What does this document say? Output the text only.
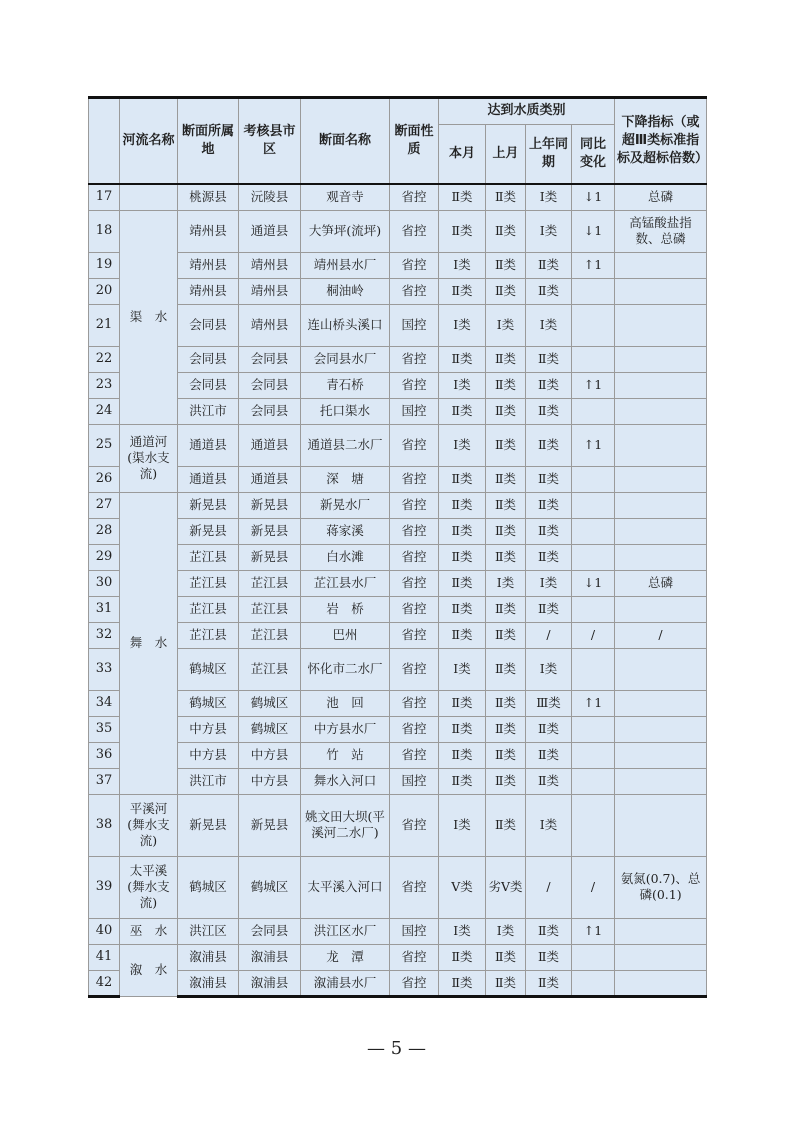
	河流名称	断面所属地	考核县市区	断面名称	断面性质	达到水质类别				下降指标（或超Ⅲ类标准指标及超标倍数）
						本月	上月	上年同期	同比变化	
17		桃源县	沅陵县	观音寺	省控	Ⅱ类	Ⅱ类	Ⅰ类	↓1	总磷
18	渠　水	靖州县	通道县	大笋坪(流坪)	省控	Ⅱ类	Ⅱ类	Ⅰ类	↓1	高锰酸盐指数、总磷
19		靖州县	靖州县	靖州县水厂	省控	Ⅰ类	Ⅱ类	Ⅱ类	↑1	
20		靖州县	靖州县	桐油岭	省控	Ⅱ类	Ⅱ类	Ⅱ类		
21		会同县	靖州县	连山桥头溪口	国控	Ⅰ类	Ⅰ类	Ⅰ类		
22		会同县	会同县	会同县水厂	省控	Ⅱ类	Ⅱ类	Ⅱ类		
23		会同县	会同县	青石桥	省控	Ⅰ类	Ⅱ类	Ⅱ类	↑1	
24		洪江市	会同县	托口渠水	国控	Ⅱ类	Ⅱ类	Ⅱ类		
25	通道河(渠水支流)	通道县	通道县	通道县二水厂	省控	Ⅰ类	Ⅱ类	Ⅱ类	↑1	
26		通道县	通道县	深　塘	省控	Ⅱ类	Ⅱ类	Ⅱ类		
27	舞　水	新晃县	新晃县	新晃水厂	省控	Ⅱ类	Ⅱ类	Ⅱ类		
28		新晃县	新晃县	蒋家溪	省控	Ⅱ类	Ⅱ类	Ⅱ类		
29		芷江县	新晃县	白水滩	省控	Ⅱ类	Ⅱ类	Ⅱ类		
30		芷江县	芷江县	芷江县水厂	省控	Ⅱ类	Ⅰ类	Ⅰ类	↓1	总磷
31		芷江县	芷江县	岩　桥	省控	Ⅱ类	Ⅱ类	Ⅱ类		
32		芷江县	芷江县	巴州	省控	Ⅱ类	Ⅱ类	/	/	/
33		鹤城区	芷江县	怀化市二水厂	省控	Ⅰ类	Ⅱ类	Ⅰ类		
34		鹤城区	鹤城区	池　回	省控	Ⅱ类	Ⅱ类	Ⅲ类	↑1	
35		中方县	鹤城区	中方县水厂	省控	Ⅱ类	Ⅱ类	Ⅱ类		
36		中方县	中方县	竹　站	省控	Ⅱ类	Ⅱ类	Ⅱ类		
37		洪江市	中方县	舞水入河口	国控	Ⅱ类	Ⅱ类	Ⅱ类		
38	平溪河(舞水支流)	新晃县	新晃县	姚文田大坝(平溪河二水厂)	省控	Ⅰ类	Ⅱ类	Ⅰ类		
39	太平溪(舞水支流)	鹤城区	鹤城区	太平溪入河口	省控	Ⅴ类	劣Ⅴ类	/	/	氨氮(0.7)、总磷(0.1)
40	巫　水	洪江区	会同县	洪江区水厂	国控	Ⅰ类	Ⅰ类	Ⅱ类	↑1	
41	溆　水	溆浦县	溆浦县	龙　潭	省控	Ⅱ类	Ⅱ类	Ⅱ类		
42		溆浦县	溆浦县	溆浦县水厂	省控	Ⅱ类	Ⅱ类	Ⅱ类		
— 5 —
